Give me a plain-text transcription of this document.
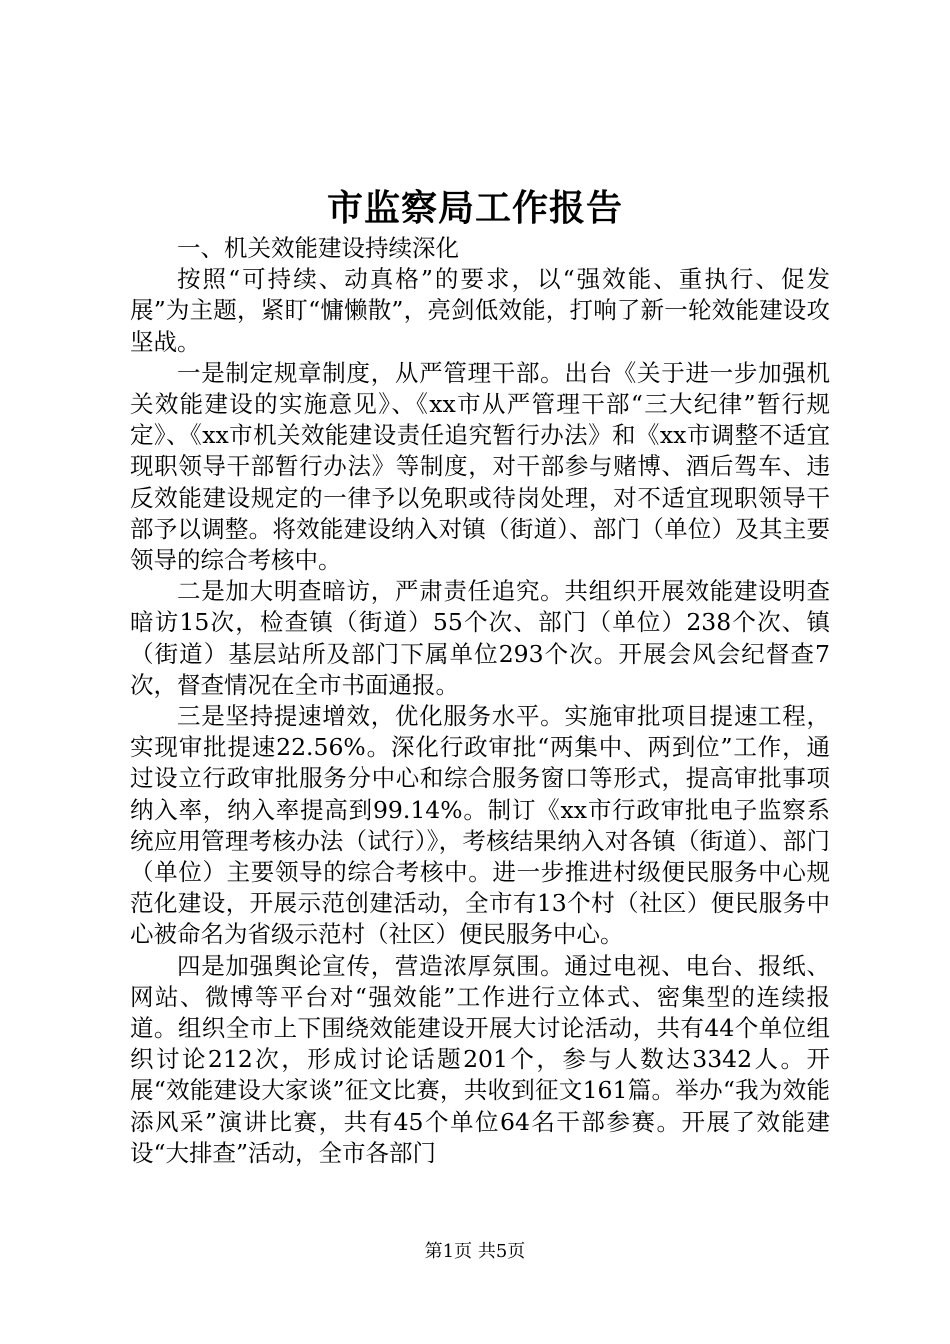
市监察局工作报告

一、机关效能建设持续深化

按照“可持续、动真格”的要求，以“强效能、重执行、促发展”为主题，紧盯“慵懒散”，亮剑低效能，打响了新一轮效能建设攻坚战。

一是制定规章制度，从严管理干部。出台《关于进一步加强机关效能建设的实施意见》、《xx市从严管理干部“三大纪律”暂行规定》、《xx市机关效能建设责任追究暂行办法》和《xx市调整不适宜现职领导干部暂行办法》等制度，对干部参与赌博、酒后驾车、违反效能建设规定的一律予以免职或待岗处理，对不适宜现职领导干部予以调整。将效能建设纳入对镇（街道）、部门（单位）及其主要领导的综合考核中。

二是加大明查暗访，严肃责任追究。共组织开展效能建设明查暗访15次，检查镇（街道）55个次、部门（单位）238个次、镇（街道）基层站所及部门下属单位293个次。开展会风会纪督查7次，督查情况在全市书面通报。

三是坚持提速增效，优化服务水平。实施审批项目提速工程，实现审批提速22.56%。深化行政审批“两集中、两到位”工作，通过设立行政审批服务分中心和综合服务窗口等形式，提高审批事项纳入率，纳入率提高到99.14%。制订《xx市行政审批电子监察系统应用管理考核办法（试行）》，考核结果纳入对各镇（街道）、部门（单位）主要领导的综合考核中。进一步推进村级便民服务中心规范化建设，开展示范创建活动，全市有13个村（社区）便民服务中心被命名为省级示范村（社区）便民服务中心。

四是加强舆论宣传，营造浓厚氛围。通过电视、电台、报纸、网站、微博等平台对“强效能”工作进行立体式、密集型的连续报道。组织全市上下围绕效能建设开展大讨论活动，共有44个单位组织讨论212次，形成讨论话题201个，参与人数达3342人。开展“效能建设大家谈”征文比赛，共收到征文161篇。举办“我为效能添风采”演讲比赛，共有45个单位64名干部参赛。开展了效能建设“大排查”活动，全市各部门

第1页 共5页
